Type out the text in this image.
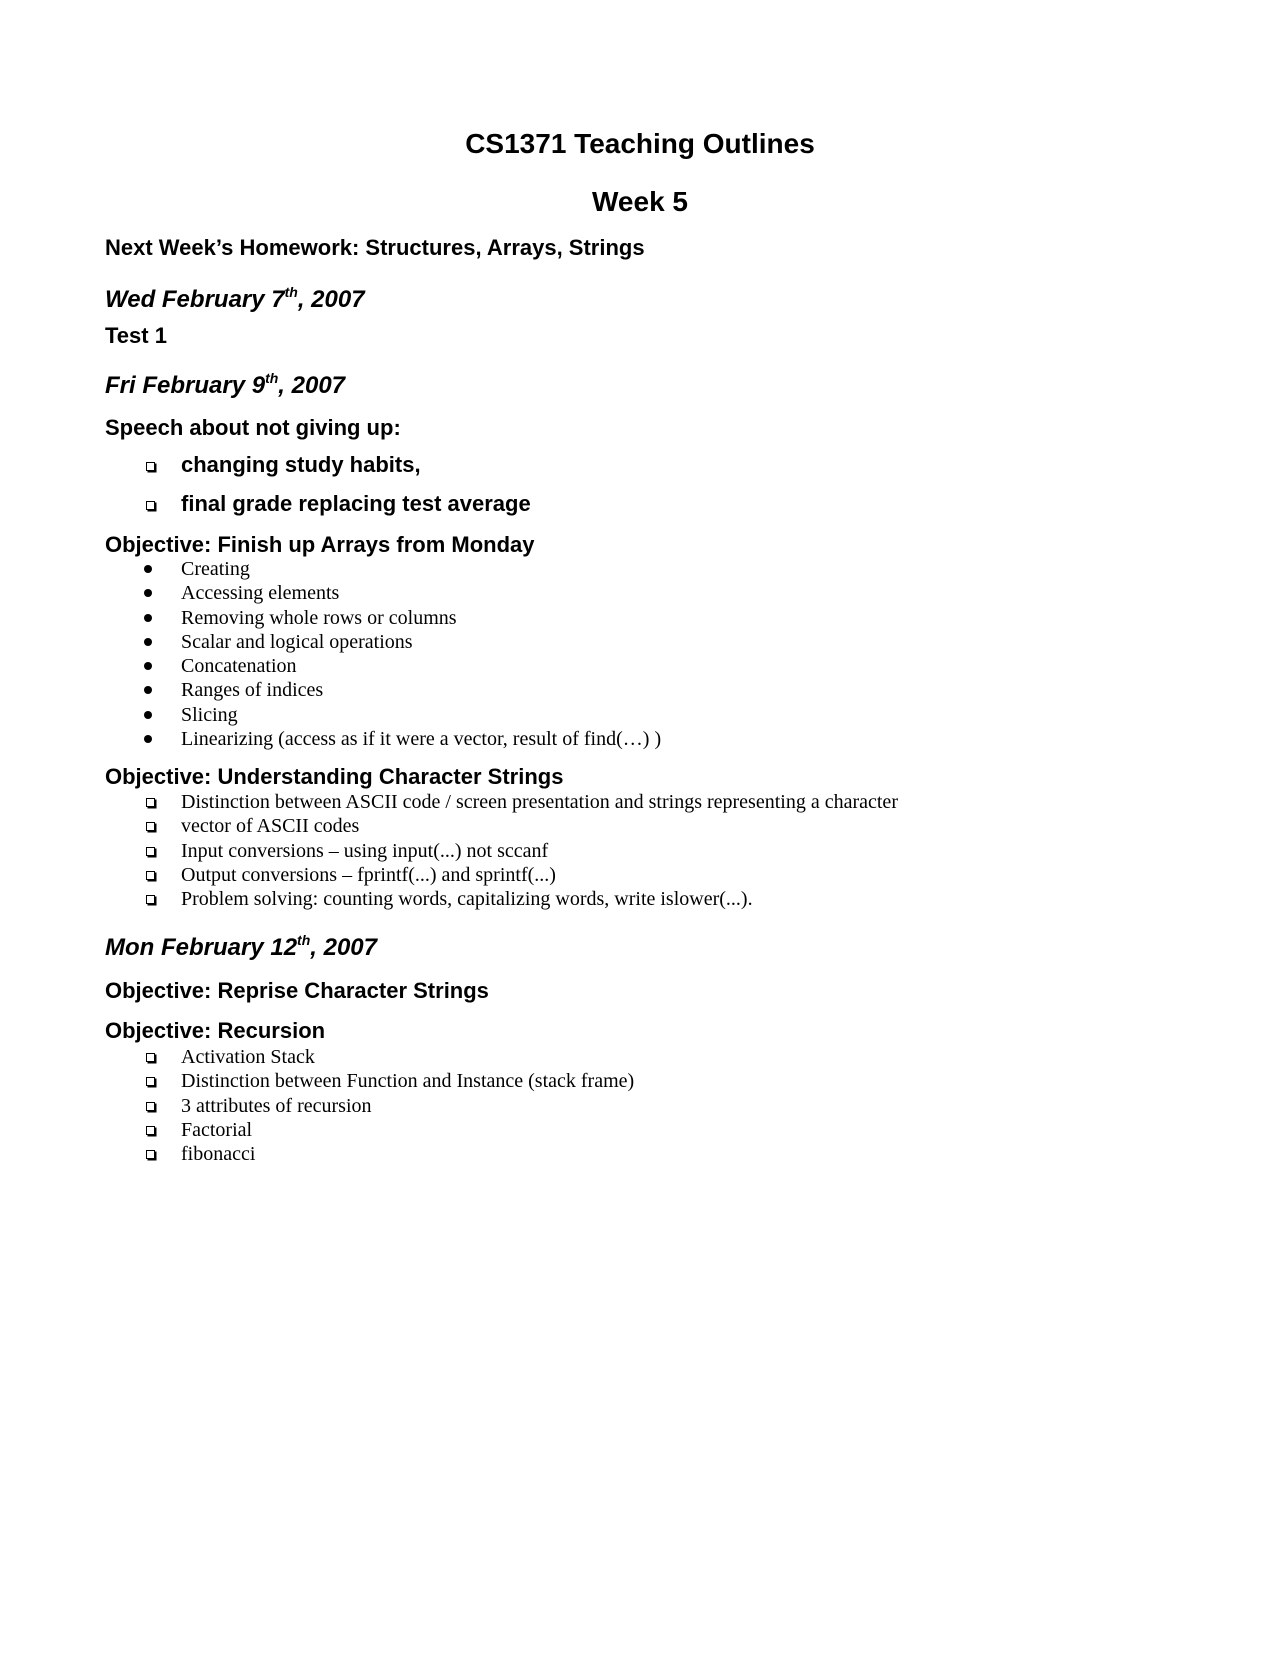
CS1371 Teaching Outlines
Week 5
Next Week’s Homework: Structures, Arrays, Strings
Wed February 7th, 2007
Test 1
Fri February 9th, 2007
Speech about not giving up:
changing study habits,
final grade replacing test average
Objective: Finish up Arrays from Monday
Creating
Accessing elements
Removing whole rows or columns
Scalar and logical operations
Concatenation
Ranges of indices
Slicing
Linearizing (access as if it were a vector, result of find(…) )
Objective: Understanding Character Strings
Distinction between ASCII code / screen presentation and strings representing a character
vector of ASCII codes
Input conversions – using input(...) not sccanf
Output conversions – fprintf(...) and sprintf(...)
Problem solving: counting words, capitalizing words, write islower(...).
Mon February 12th, 2007
Objective: Reprise Character Strings
Objective: Recursion
Activation Stack
Distinction between Function and Instance (stack frame)
3 attributes of recursion
Factorial
fibonacci
